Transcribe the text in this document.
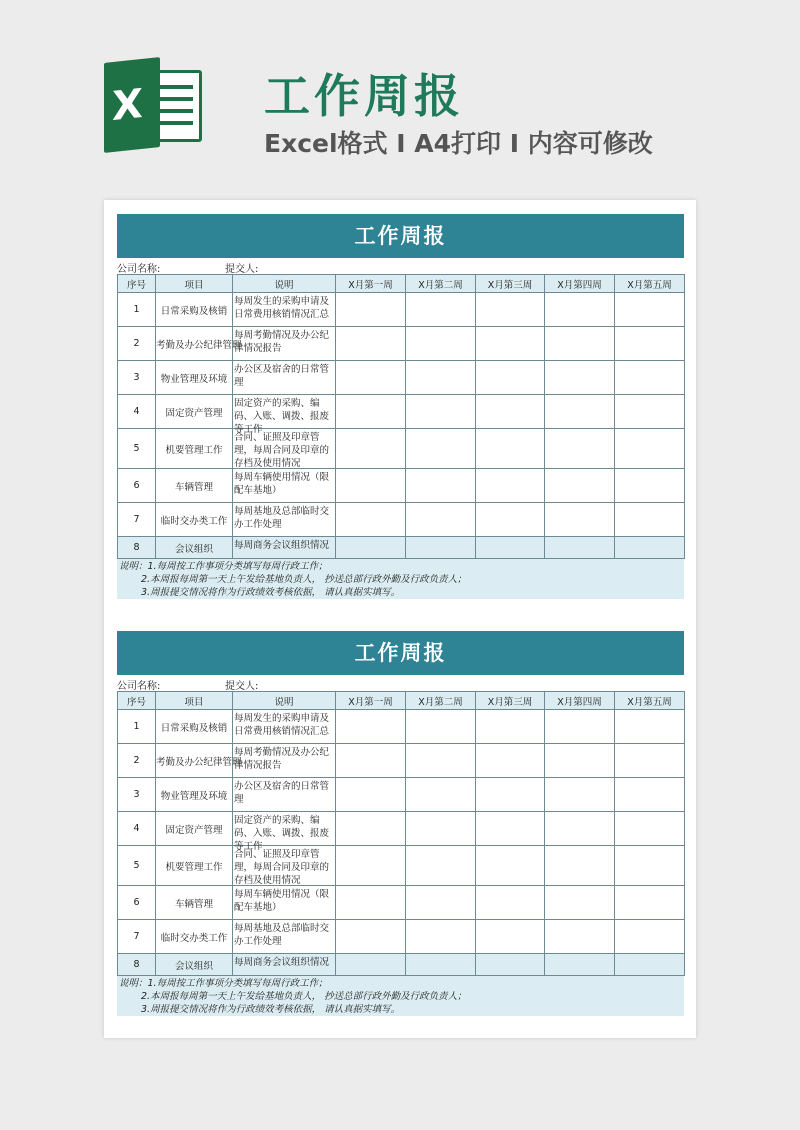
X	工作周报
Excel格式 I A4打印 I 内容可修改
工作周报
公司名称:	提交人:
序号	项目	说明	X月第一周	X月第二周	X月第三周	X月第四周	X月第五周

1	日常采购及核销	每周发生的采购申请及日常费用核销情况汇总					

2	考勤及办公纪律管理	每周考勤情况及办公纪律情况报告					

3	物业管理及环境	办公区及宿舍的日常管理					

4	固定资产管理	固定资产的采购、编码、入账、调拨、报废等工作					

5	机要管理工作	合同、证照及印章管理，每周合同及印章的存档及使用情况					

6	车辆管理	每周车辆使用情况（限配车基地）					

7	临时交办类工作	每周基地及总部临时交办工作处理					

8	会议组织	每周商务会议组织情况					

说明：1.每周按工作事项分类填写每周行政工作；
2.本周报每周第一天上午发给基地负责人， 抄送总部行政外勤及行政负责人；
3.周报提交情况将作为行政绩效考核依据， 请认真据实填写。
工作周报
公司名称:	提交人:
序号	项目	说明	X月第一周	X月第二周	X月第三周	X月第四周	X月第五周

1	日常采购及核销	每周发生的采购申请及日常费用核销情况汇总					

2	考勤及办公纪律管理	每周考勤情况及办公纪律情况报告					

3	物业管理及环境	办公区及宿舍的日常管理					

4	固定资产管理	固定资产的采购、编码、入账、调拨、报废等工作					

5	机要管理工作	合同、证照及印章管理，每周合同及印章的存档及使用情况					

6	车辆管理	每周车辆使用情况（限配车基地）					

7	临时交办类工作	每周基地及总部临时交办工作处理					

8	会议组织	每周商务会议组织情况					

说明：1.每周按工作事项分类填写每周行政工作；
2.本周报每周第一天上午发给基地负责人， 抄送总部行政外勤及行政负责人；
3.周报提交情况将作为行政绩效考核依据， 请认真据实填写。
